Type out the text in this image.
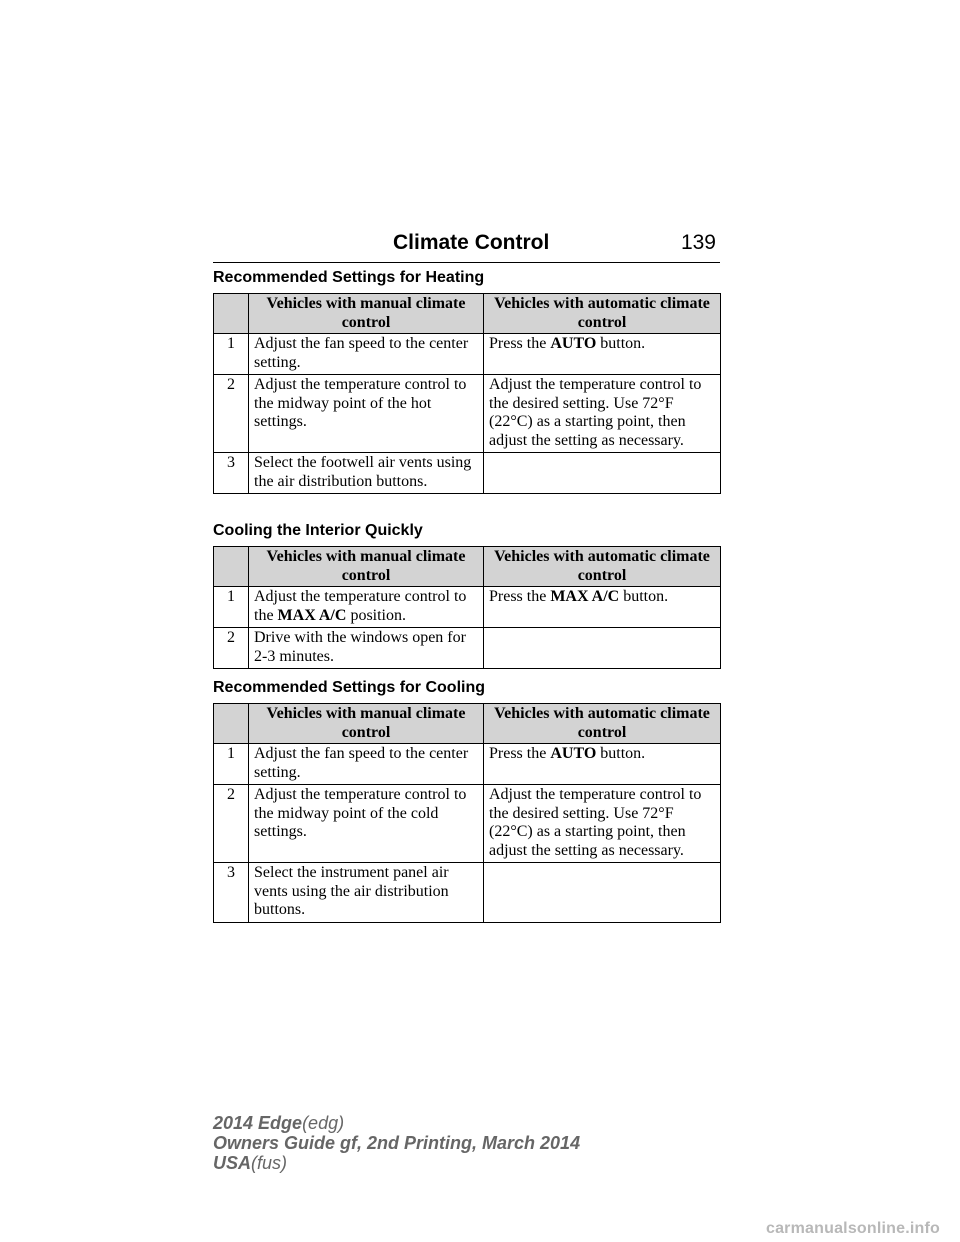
Climate Control	139
Recommended Settings for Heating
	Vehicles with manual climate control	Vehicles with automatic climate control
1	Adjust the fan speed to the center setting.	Press the AUTO button.
2	Adjust the temperature control to the midway point of the hot settings.	Adjust the temperature control to the desired setting. Use 72°F (22°C) as a starting point, then adjust the setting as necessary.
3	Select the footwell air vents using the air distribution buttons.	
Cooling the Interior Quickly
	Vehicles with manual climate control	Vehicles with automatic climate control
1	Adjust the temperature control to the MAX A/C position.	Press the MAX A/C button.
2	Drive with the windows open for 2-3 minutes.	
Recommended Settings for Cooling
	Vehicles with manual climate control	Vehicles with automatic climate control
1	Adjust the fan speed to the center setting.	Press the AUTO button.
2	Adjust the temperature control to the midway point of the cold settings.	Adjust the temperature control to the desired setting. Use 72°F (22°C) as a starting point, then adjust the setting as necessary.
3	Select the instrument panel air vents using the air distribution buttons.	
2014 Edge(edg)
Owners Guide gf, 2nd Printing, March 2014
USA(fus)
carmanualsonline.info
